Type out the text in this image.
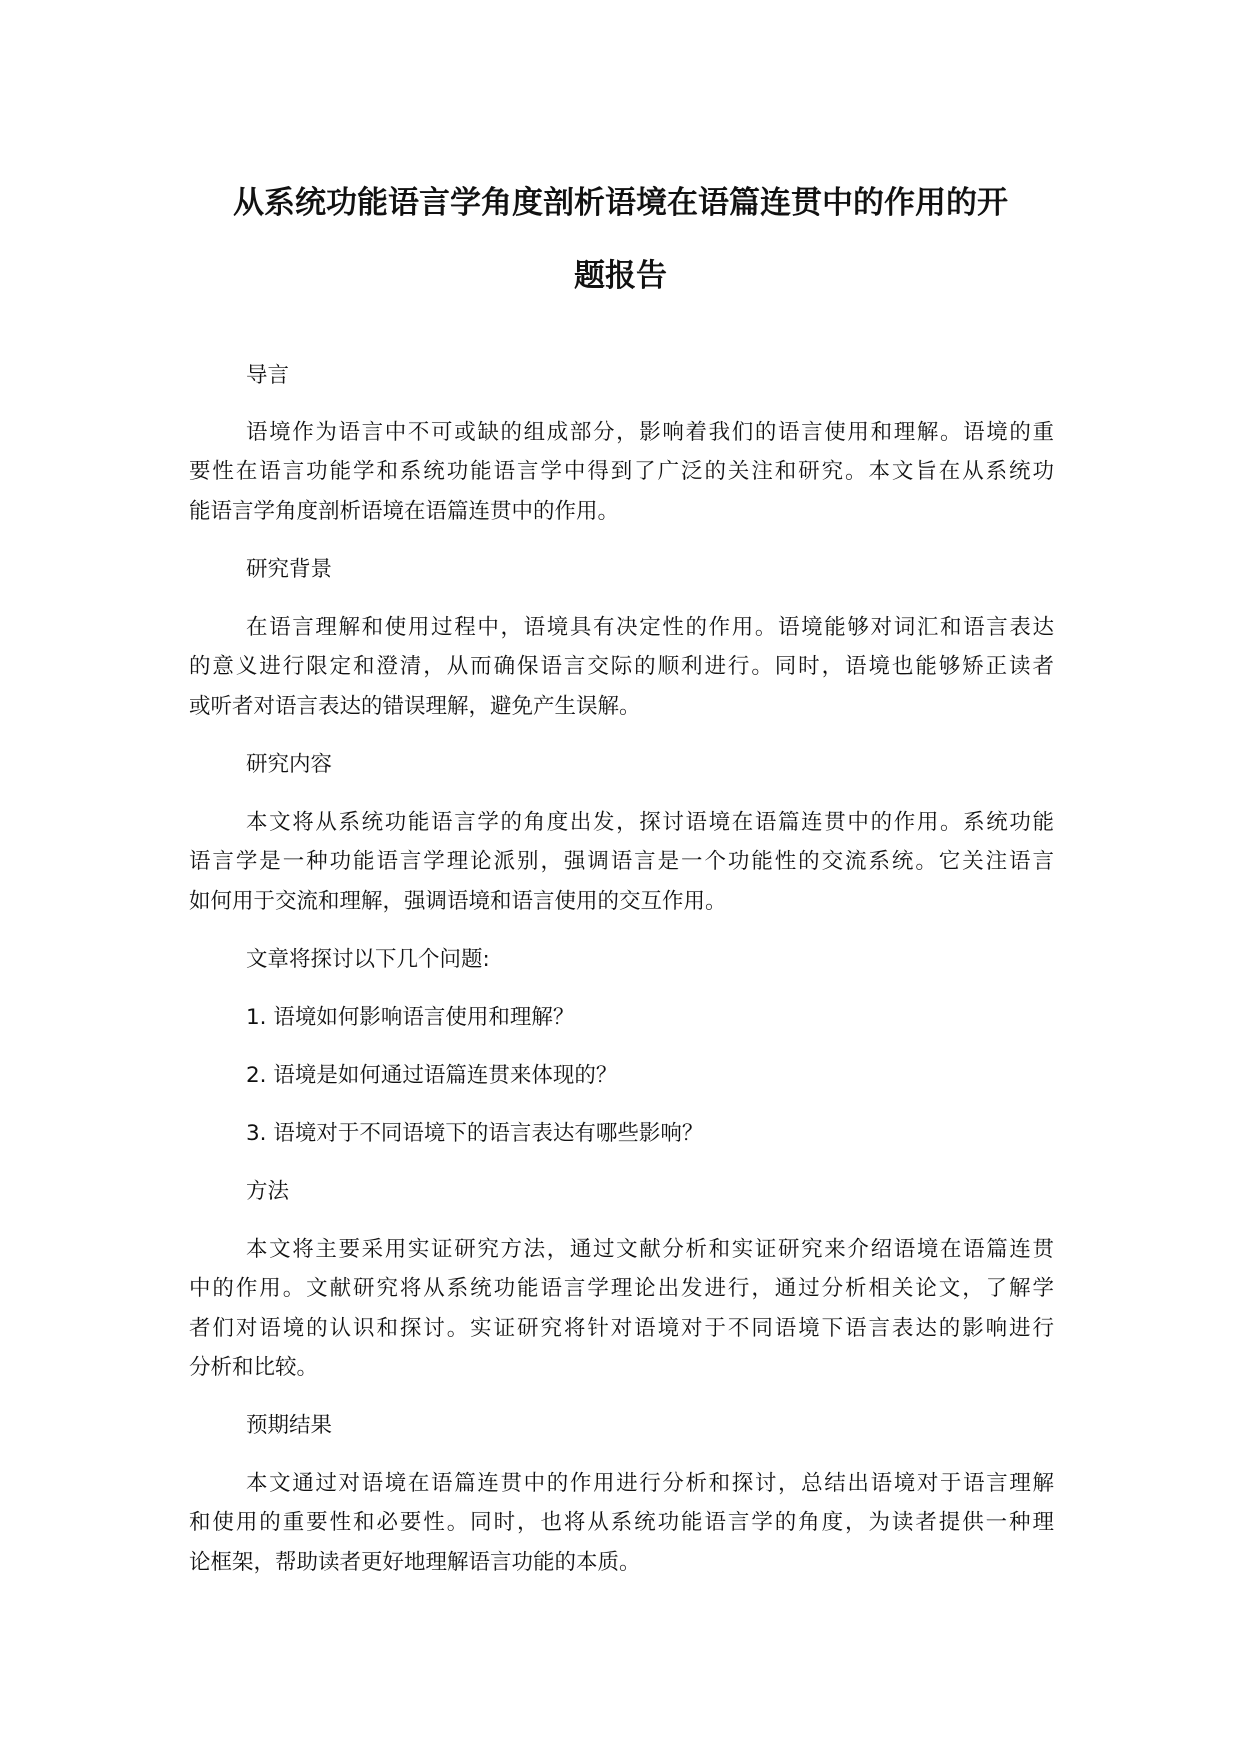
从系统功能语言学角度剖析语境在语篇连贯中的作用的开
题报告
导言
语境作为语言中不可或缺的组成部分，影响着我们的语言使用和理解。语境的重
要性在语言功能学和系统功能语言学中得到了广泛的关注和研究。本文旨在从系统功
能语言学角度剖析语境在语篇连贯中的作用。
研究背景
在语言理解和使用过程中，语境具有决定性的作用。语境能够对词汇和语言表达
的意义进行限定和澄清，从而确保语言交际的顺利进行。同时，语境也能够矫正读者
或听者对语言表达的错误理解，避免产生误解。
研究内容
本文将从系统功能语言学的角度出发，探讨语境在语篇连贯中的作用。系统功能
语言学是一种功能语言学理论派别，强调语言是一个功能性的交流系统。它关注语言
如何用于交流和理解，强调语境和语言使用的交互作用。
文章将探讨以下几个问题:
1. 语境如何影响语言使用和理解？
2. 语境是如何通过语篇连贯来体现的？
3. 语境对于不同语境下的语言表达有哪些影响？
方法
本文将主要采用实证研究方法，通过文献分析和实证研究来介绍语境在语篇连贯
中的作用。文献研究将从系统功能语言学理论出发进行，通过分析相关论文，了解学
者们对语境的认识和探讨。实证研究将针对语境对于不同语境下语言表达的影响进行
分析和比较。
预期结果
本文通过对语境在语篇连贯中的作用进行分析和探讨，总结出语境对于语言理解
和使用的重要性和必要性。同时，也将从系统功能语言学的角度，为读者提供一种理
论框架，帮助读者更好地理解语言功能的本质。
